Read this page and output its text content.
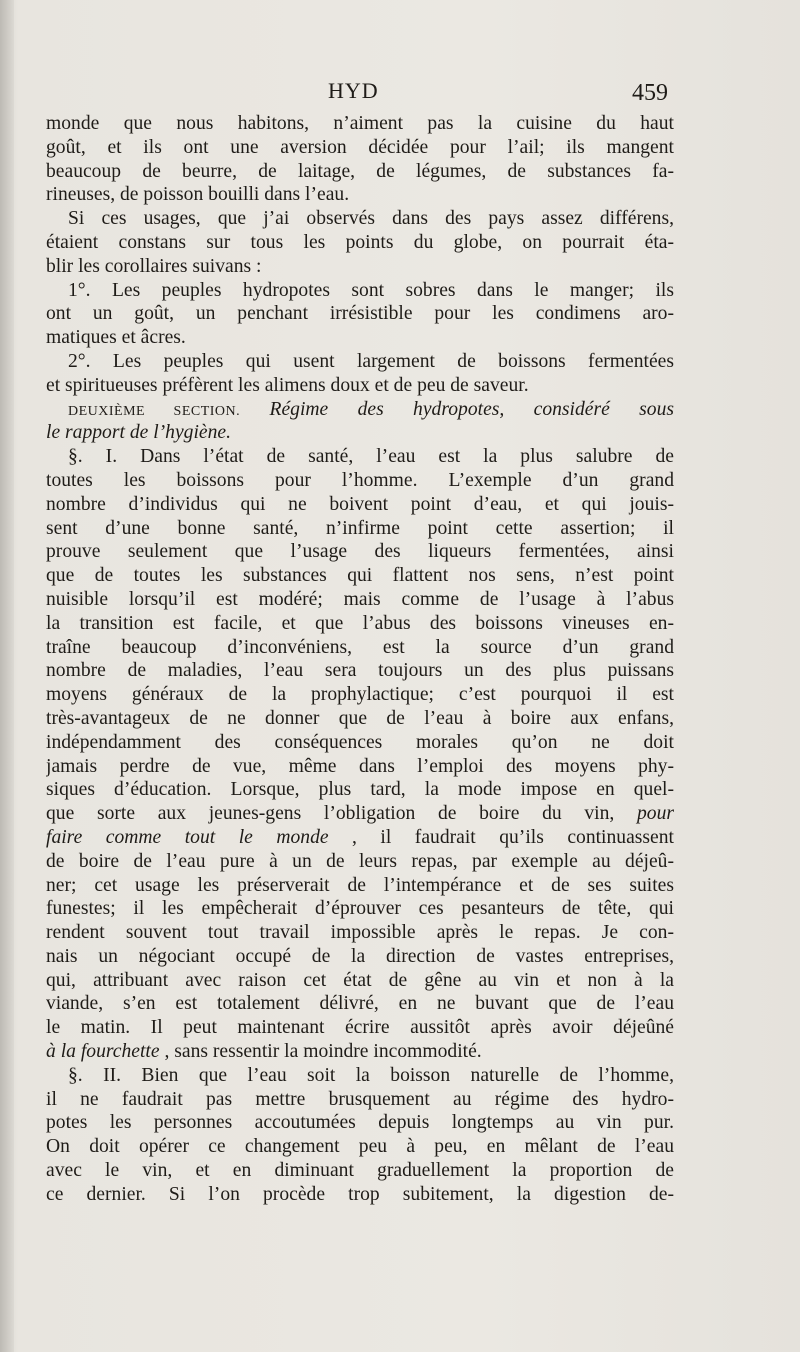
HYD	459
monde que nous habitons, n’aiment pas la cuisine du haut
goût, et ils ont une aversion décidée pour l’ail; ils mangent
beaucoup de beurre, de laitage, de légumes, de substances fa-
rineuses, de poisson bouilli dans l’eau.
Si ces usages, que j’ai observés dans des pays assez différens,
étaient constans sur tous les points du globe, on pourrait éta-
blir les corollaires suivans :
1°. Les peuples hydropotes sont sobres dans le manger; ils
ont un goût, un penchant irrésistible pour les condimens aro-
matiques et âcres.
2°. Les peuples qui usent largement de boissons fermentées
et spiritueuses préfèrent les alimens doux et de peu de saveur.
DEUXIÈME SECTION. Régime des hydropotes, considéré sous
le rapport de l’hygiène.
§. I. Dans l’état de santé, l’eau est la plus salubre de
toutes les boissons pour l’homme. L’exemple d’un grand
nombre d’individus qui ne boivent point d’eau, et qui jouis-
sent d’une bonne santé, n’infirme point cette assertion; il
prouve seulement que l’usage des liqueurs fermentées, ainsi
que de toutes les substances qui flattent nos sens, n’est point
nuisible lorsqu’il est modéré; mais comme de l’usage à l’abus
la transition est facile, et que l’abus des boissons vineuses en-
traîne beaucoup d’inconvéniens, est la source d’un grand
nombre de maladies, l’eau sera toujours un des plus puissans
moyens généraux de la prophylactique; c’est pourquoi il est
très-avantageux de ne donner que de l’eau à boire aux enfans,
indépendamment des conséquences morales qu’on ne doit
jamais perdre de vue, même dans l’emploi des moyens phy-
siques d’éducation. Lorsque, plus tard, la mode impose en quel-
que sorte aux jeunes-gens l’obligation de boire du vin, pour
faire comme tout le monde , il faudrait qu’ils continuassent
de boire de l’eau pure à un de leurs repas, par exemple au déjeû-
ner; cet usage les préserverait de l’intempérance et de ses suites
funestes; il les empêcherait d’éprouver ces pesanteurs de tête, qui
rendent souvent tout travail impossible après le repas. Je con-
nais un négociant occupé de la direction de vastes entreprises,
qui, attribuant avec raison cet état de gêne au vin et non à la
viande, s’en est totalement délivré, en ne buvant que de l’eau
le matin. Il peut maintenant écrire aussitôt après avoir déjeûné
à la fourchette , sans ressentir la moindre incommodité.
§. II. Bien que l’eau soit la boisson naturelle de l’homme,
il ne faudrait pas mettre brusquement au régime des hydro-
potes les personnes accoutumées depuis longtemps au vin pur.
On doit opérer ce changement peu à peu, en mêlant de l’eau
avec le vin, et en diminuant graduellement la proportion de
ce dernier. Si l’on procède trop subitement, la digestion de-
